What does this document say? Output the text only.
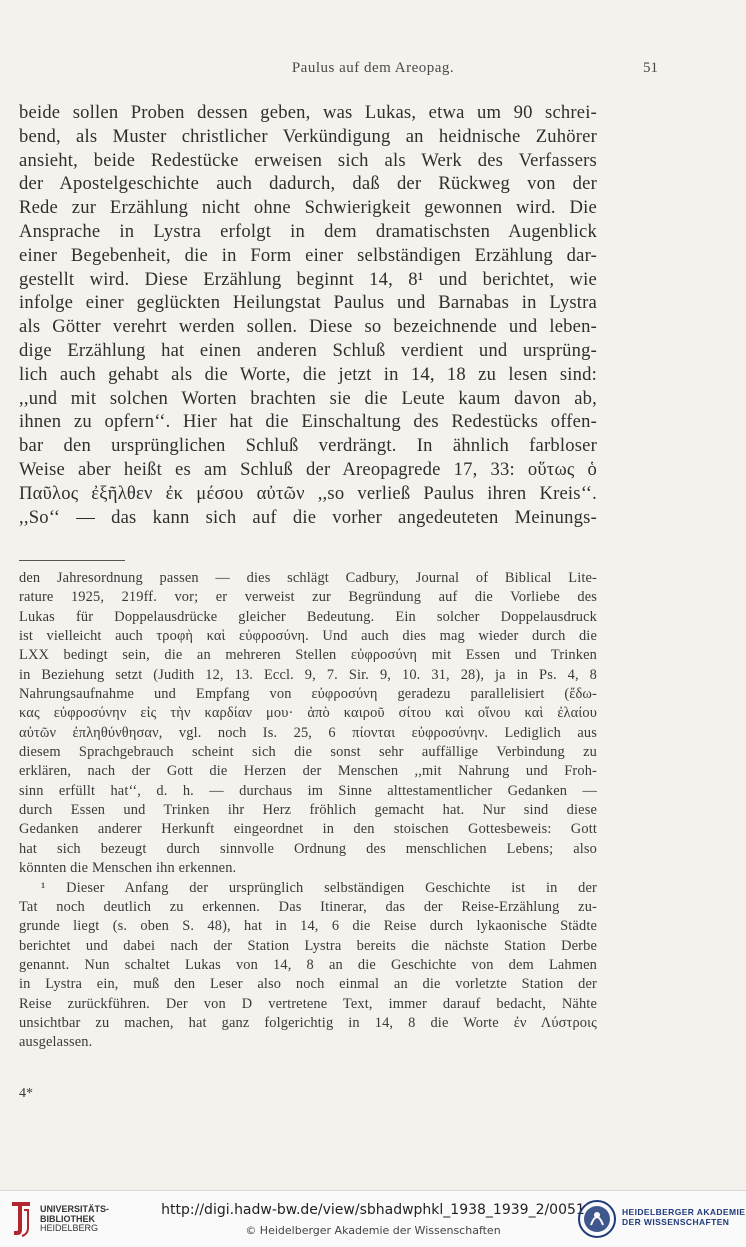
Paulus auf dem Areopag.	51
beide sollen Proben dessen geben, was Lukas, etwa um 90 schrei-
bend, als Muster christlicher Verkündigung an heidnische Zuhörer
ansieht, beide Redestücke erweisen sich als Werk des Verfassers
der Apostelgeschichte auch dadurch, daß der Rückweg von der
Rede zur Erzählung nicht ohne Schwierigkeit gewonnen wird. Die
Ansprache in Lystra erfolgt in dem dramatischsten Augenblick
einer Begebenheit, die in Form einer selbständigen Erzählung dar-
gestellt wird. Diese Erzählung beginnt 14, 8¹ und berichtet, wie
infolge einer geglückten Heilungstat Paulus und Barnabas in Lystra
als Götter verehrt werden sollen. Diese so bezeichnende und leben-
dige Erzählung hat einen anderen Schluß verdient und ursprüng-
lich auch gehabt als die Worte, die jetzt in 14, 18 zu lesen sind:
,,und mit solchen Worten brachten sie die Leute kaum davon ab,
ihnen zu opfern‘‘. Hier hat die Einschaltung des Redestücks offen-
bar den ursprünglichen Schluß verdrängt. In ähnlich farbloser
Weise aber heißt es am Schluß der Areopagrede 17, 33: οὕτως ὁ
Παῦλος ἐξῆλθεν ἐκ μέσου αὐτῶν ,,so verließ Paulus ihren Kreis‘‘.
,,So‘‘ — das kann sich auf die vorher angedeuteten Meinungs-
den Jahresordnung passen — dies schlägt Cadbury, Journal of Biblical Lite-
rature 1925, 219ff. vor; er verweist zur Begründung auf die Vorliebe des
Lukas für Doppelausdrücke gleicher Bedeutung. Ein solcher Doppelausdruck
ist vielleicht auch τροφὴ καὶ εὐφροσύνη. Und auch dies mag wieder durch die
LXX bedingt sein, die an mehreren Stellen εὐφροσύνη mit Essen und Trinken
in Beziehung setzt (Judith 12, 13. Eccl. 9, 7. Sir. 9, 10. 31, 28), ja in Ps. 4, 8
Nahrungsaufnahme und Empfang von εὐφροσύνη geradezu parallelisiert (ἔδω-
κας εὐφροσύνην εἰς τὴν καρδίαν μου· ἀπὸ καιροῦ σίτου καὶ οἴνου καὶ ἐλαίου
αὐτῶν ἐπληθύνθησαν, vgl. noch Is. 25, 6 πίονται εὐφροσύνην. Lediglich aus
diesem Sprachgebrauch scheint sich die sonst sehr auffällige Verbindung zu
erklären, nach der Gott die Herzen der Menschen ,,mit Nahrung und Froh-
sinn erfüllt hat‘‘, d. h. — durchaus im Sinne alttestamentlicher Gedanken —
durch Essen und Trinken ihr Herz fröhlich gemacht hat. Nur sind diese
Gedanken anderer Herkunft eingeordnet in den stoischen Gottesbeweis: Gott
hat sich bezeugt durch sinnvolle Ordnung des menschlichen Lebens; also
könnten die Menschen ihn erkennen.
¹ Dieser Anfang der ursprünglich selbständigen Geschichte ist in der
Tat noch deutlich zu erkennen. Das Itinerar, das der Reise-Erzählung zu-
grunde liegt (s. oben S. 48), hat in 14, 6 die Reise durch lykaonische Städte
berichtet und dabei nach der Station Lystra bereits die nächste Station Derbe
genannt. Nun schaltet Lukas von 14, 8 an die Geschichte von dem Lahmen
in Lystra ein, muß den Leser also noch einmal an die vorletzte Station der
Reise zurückführen. Der von D vertretene Text, immer darauf bedacht, Nähte
unsichtbar zu machen, hat ganz folgerichtig in 14, 8 die Worte ἐν Λύστροις
ausgelassen.
4*
UNIVERSITÄTS-
BIBLIOTHEK
HEIDELBERG
http://digi.hadw-bw.de/view/sbhadwphkl_1938_1939_2/0051
© Heidelberger Akademie der Wissenschaften
HEIDELBERGER AKADEMIE
DER WISSENSCHAFTEN
